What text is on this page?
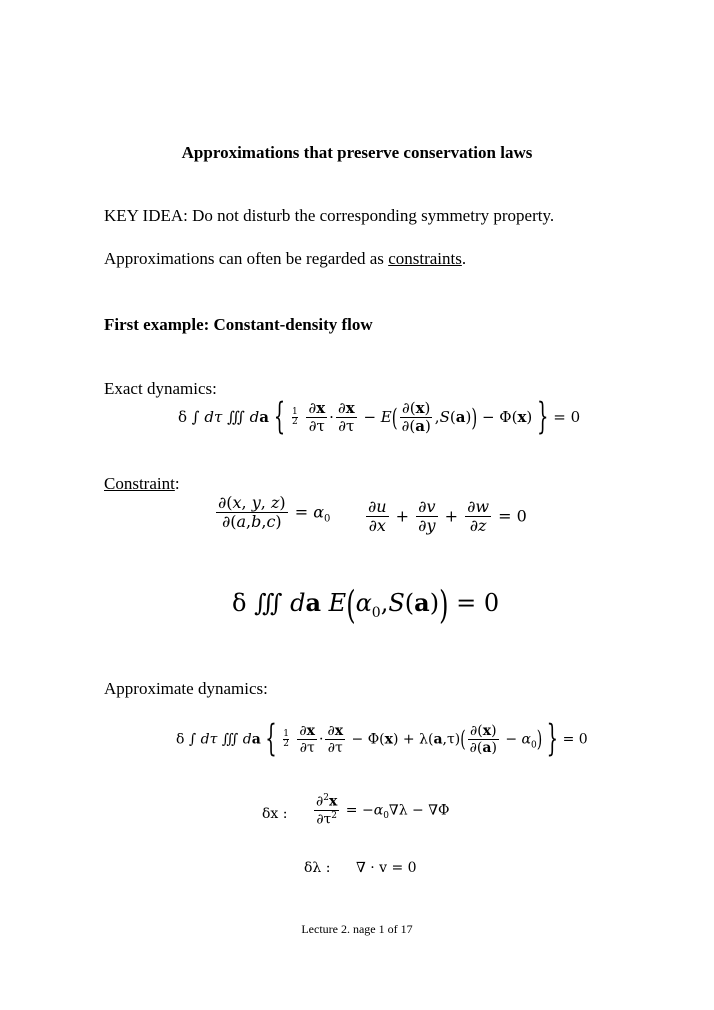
Approximations that preserve conservation laws
KEY IDEA: Do not disturb the corresponding symmetry property.
Approximations can often be regarded as constraints.
First example: Constant-density flow
Exact dynamics:
δ ∫ dτ ∭ da { $\frac{1}{2}$
$\frac{\partial x}{\partial\tau} \cdot \frac{\partial x}{\partial\tau} - E( \frac{\partial(x)}{\partial(a)} ,S(a)) - \Phi(x)$ } = 0
Constraint:
$\frac{\partial(x, y, z)}{\partial(a,b,c)} = \alpha_0 \frac{\partial u}{\partial x} + \frac{\partial v}{\partial y} + \frac{\partial w}{\partial z} = 0$
δ ∭ da $E(\alpha_0,S(a)) = 0$
Approximate dynamics:
δ ∫ dτ ∭ da { $\frac{1}{2}$
$\frac{\partial x}{\partial\tau} \cdot \frac{\partial x}{\partial\tau} - \Phi(x) + \lambda(a,\tau)( \frac{\partial(x)}{\partial(a)} - \alpha_0)$ } = 0
δx : $\frac{\partial^2x}{\partial\tau^2} = -\alpha_0\nabla\lambda - \nabla\Phi$
δλ : ∇ · v = 0
Lecture 2. nage 1 of 17
